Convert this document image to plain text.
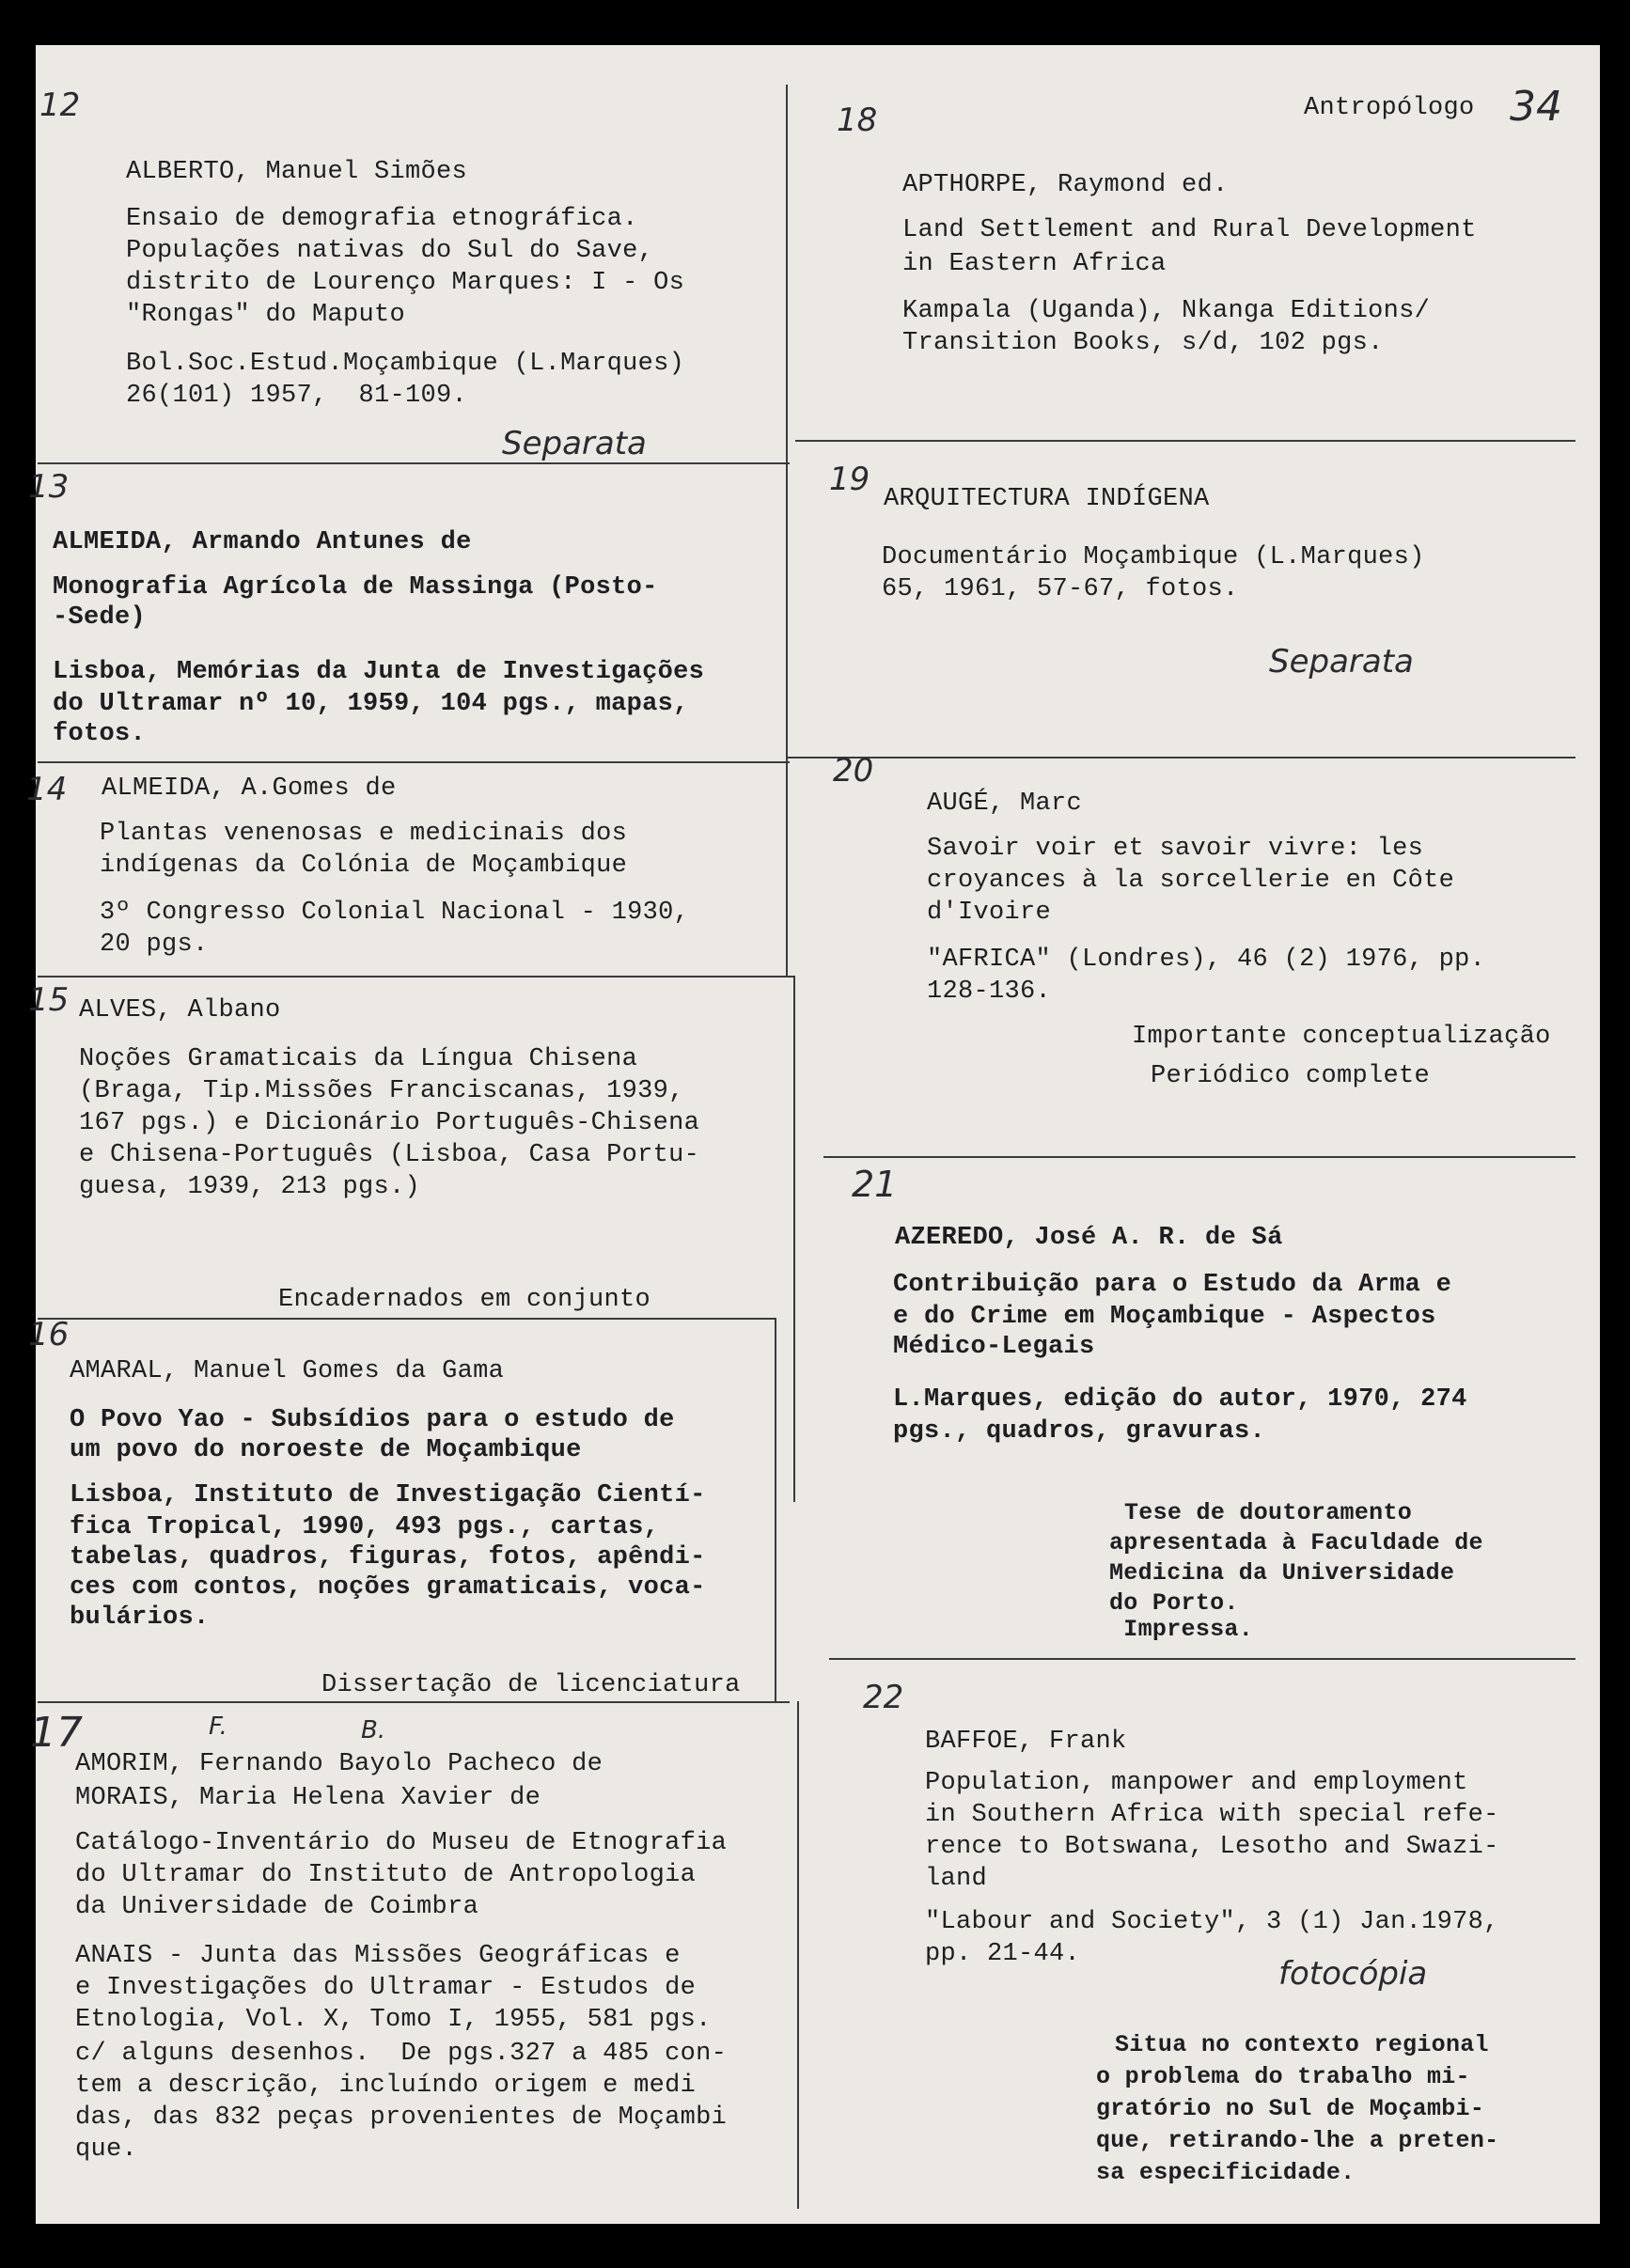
Antropólogo 34
12
ALBERTO, Manuel Simões
Ensaio de demografia etnográfica.
Populações nativas do Sul do Save,
distrito de Lourenço Marques: I - Os
"Rongas" do Maputo
Bol.Soc.Estud.Moçambique (L.Marques)
26(101) 1957,  81-109.
Separata
13
ALMEIDA, Armando Antunes de
Monografia Agrícola de Massinga (Posto-
-Sede)
Lisboa, Memórias da Junta de Investigações
do Ultramar nº 10, 1959, 104 pgs., mapas,
fotos.
14 ALMEIDA, A.Gomes de
Plantas venenosas e medicinais dos
indígenas da Colónia de Moçambique
3º Congresso Colonial Nacional - 1930,
20 pgs.
15 ALVES, Albano
Noções Gramaticais da Língua Chisena
(Braga, Tip.Missões Franciscanas, 1939,
167 pgs.) e Dicionário Português-Chisena
e Chisena-Português (Lisboa, Casa Portu-
guesa, 1939, 213 pgs.)
Encadernados em conjunto
16
AMARAL, Manuel Gomes da Gama
O Povo Yao - Subsídios para o estudo de
um povo do noroeste de Moçambique
Lisboa, Instituto de Investigação Cientí-
fica Tropical, 1990, 493 pgs., cartas,
tabelas, quadros, figuras, fotos, apêndi-
ces com contos, noções gramaticais, voca-
bulários.
Dissertação de licenciatura
17	F.	B.
AMORIM, Fernando Bayolo Pacheco de
MORAIS, Maria Helena Xavier de
Catálogo-Inventário do Museu de Etnografia
do Ultramar do Instituto de Antropologia
da Universidade de Coimbra
ANAIS - Junta das Missões Geográficas e
e Investigações do Ultramar - Estudos de
Etnologia, Vol. X, Tomo I, 1955, 581 pgs.
c/ alguns desenhos.  De pgs.327 a 485 con-
tem a descrição, incluíndo origem e medi
das, das 832 peças provenientes de Moçambi
que.
18
APTHORPE, Raymond ed.
Land Settlement and Rural Development
in Eastern Africa
Kampala (Uganda), Nkanga Editions/
Transition Books, s/d, 102 pgs.
19
ARQUITECTURA INDÍGENA
Documentário Moçambique (L.Marques)
65, 1961, 57-67, fotos.
Separata
20
AUGÉ, Marc
Savoir voir et savoir vivre: les
croyances à la sorcellerie en Côte
d'Ivoire
"AFRICA" (Londres), 46 (2) 1976, pp.
128-136.
Importante conceptualização
Periódico complete
21
AZEREDO, José A. R. de Sá
Contribuição para o Estudo da Arma e
e do Crime em Moçambique - Aspectos
Médico-Legais
L.Marques, edição do autor, 1970, 274
pgs., quadros, gravuras.
Tese de doutoramento
apresentada à Faculdade de
Medicina da Universidade
do Porto.
Impressa.
22
BAFFOE, Frank
Population, manpower and employment
in Southern Africa with special refe-
rence to Botswana, Lesotho and Swazi-
land
"Labour and Society", 3 (1) Jan.1978,
pp. 21-44.
fotocópia
Situa no contexto regional
o problema do trabalho mi-
gratório no Sul de Moçambi-
que, retirando-lhe a preten-
sa especificidade.
